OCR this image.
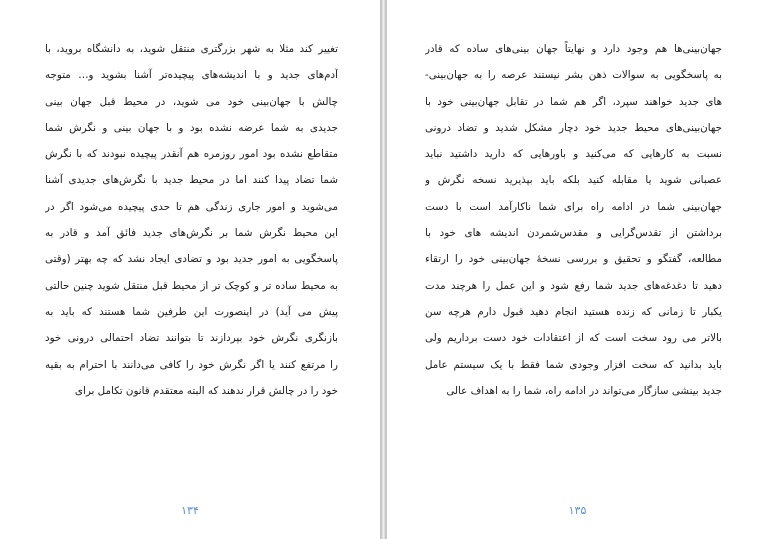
تغییر کند مثلا به شهر بزرگتری منتقل شوید، به دانشگاه بروید، با
آدم‌های جدید و با اندیشه‌های پیچیده‌تر آشنا بشوید و… متوجه
چالش با جهان‌بینی خود می شوید، در محیط قبل جهان بینی
جدیدی به شما عرضه نشده بود و با جهان بینی و نگرش شما
متقاطع نشده بود امور روزمره هم آنقدر پیچیده نبودند که با نگرش
شما تضاد پیدا کنند اما در محیط جدید با نگرش‌های جدیدی آشنا
می‌شوید و امور جاری زندگی هم تا حدی پیچیده می‌شود اگر در
این محیط نگرش شما بر نگرش‌های جدید فائق آمد و قادر به
پاسخگویی به امور جدید بود و تضادی ایجاد نشد که چه بهتر (وقتی
به محیط ساده تر و کوچک تر از محیط قبل منتقل شوید چنین حالتی
پیش می آید) در اینصورت این طرفین شما هستند که باید به
بازنگری نگرش خود بپردازند تا بتوانند تضاد احتمالی درونی خود
را مرتفع کنند یا اگر نگرش خود را کافی می‌دانند با احترام به بقیه
خود را در چالش قرار ندهند که البته معتقدم قانون تکامل برای
۱۳۴
جهان‌بینی‌ها هم وجود دارد و نهایتاً جهان بینی‌های ساده که قادر
به پاسخگویی به سوالات ذهن بشر نیستند عرصه را به جهان‌بینی-
های جدید خواهند سپرد، اگر هم شما در تقابل جهان‌بینی خود با
جهان‌بینی‌های محیط جدید خود دچار مشکل شدید و تضاد درونی
نسبت به کارهایی که می‌کنید و باورهایی که دارید داشتید نباید
عصبانی شوید یا مقابله کنید بلکه باید بپذیرید نسخه نگرش و
جهان‌بینی شما در ادامه راه برای شما ناکارآمد است با دست
برداشتن از تقدس‌گرایی و مقدس‌شمردن اندیشه های خود با
مطالعه، گفتگو و تحقیق و بررسی نسخهٔ جهان‌بینی خود را ارتقاء
دهید تا دغدغه‌های جدید شما رفع شود و این عمل را هرچند مدت
یکبار تا زمانی که زنده هستید انجام دهید قبول دارم هرچه سن
بالاتر می رود سخت است که از اعتقادات خود دست برداریم ولی
باید بدانید که سخت افزار وجودی شما فقط با یک سیستم عامل
جدید بینشی سازگار می‌تواند در ادامه راه، شما را به اهداف عالی
۱۳۵
